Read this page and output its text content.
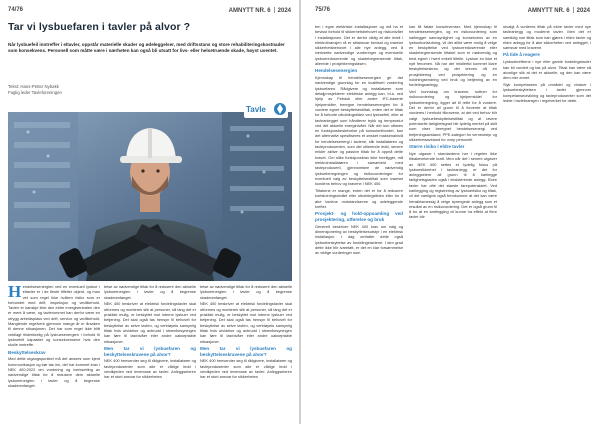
74/76	AMNYTT NR. 6 2024
Tar vi lysbuefaren i tavler på alvor ?

Når lysbuefeil inntreffer i eltavler, oppstår materielle skader og ødeleggelser, med driftsstans og store rehabiliteringskostnader som konsekvens. Personell som måtte være i nærheten kan også bli utsatt for livs- eller helsetruende skade, høyst uventet.

Tekst: Hans-Petter Nybakk
Faglig leder Tavleforeningen
Tavle

Hendelsesenergien ved en eventuell lysbue i eltavler er i de fleste tilfeller ukjent, og man vet som regel ikke hvilken risiko som er forbundet med drift, inspeksjon og vedlikehold. Tavlen er kanskje ikke den eldre energisentralen den er ment å være, og tavlerommet kan derfor være en utrygg arbeidsplass ved drift, service og vedlikehold. Manglende regelverk gjennom mange år er årsaken til denne situasjonen. Det har som regel ikke blitt vektlagt tilstrekkelig på lysbuesenergien i forhold til lysbuefeil kapasitet og konsekvensene hvis den skulle inntreffe.

Beskyttelseskrav

Med dette utgangspunktet må det ansees som kjent kommunikasjon og bør tas inn, det har kommet krav i NEK 400:2022 om vurdering og iverksetting av nødvendige tiltak for å redusere dem aktuelle lysbueenergien i tavler og å begrense skadeomfanget.

tetse av nødvendige tiltak for å redusere den aktuelle lysbueenergien i tavler og å begrense skadeomfanget.

NEK 400 beskriver at elektrisk fordelingstavler skal utformes og monteres slik at personer, så lang det er praktisk mulig, er beskyttet mot interne lysbuer ved betjening. Det skal også tas hensyn til behovet for beskyttelse av selve tavlen, og verktøyets sansynlig tiltak hvis utvidelse og avbrudd i strømforsyningen kan føre til lastnivåer eller andre uakseptable situasjoner.

Men tar vi lysbuefaren og beskyttelseskravene på alvor?

NEK 400 henvender seg til rådgivere, installatører og tavleprodusenter som alle er viktige ledd i verdikjeden ved leveranse av tavler. Anleggseieren har et stort ansvar for sikkerheten

tetse av nødvendige tiltak for å redusere den aktuelle lysbueenergien i tavler og å begrense skadeomfanget.

NEK 400 beskriver at elektrisk fordelingstavler skal utformes og monteres slik at personer, så lang det er praktisk mulig, er beskyttet mot interne lysbuer ved betjening. Det skal også tas hensyn til behovet for beskyttelse av selve tavlen, og verktøyets sansynlig tiltak hvis utvidelse og avbrudd i strømforsyningen kan føre til lastnivåer eller andre uakseptable situasjoner.

Men tar vi lysbuefaren og beskyttelseskravene på alvor?

NEK 400 henvender seg til rådgivere, installatører og tavleprodusenter som alle er viktige ledd i verdikjeden ved leveranse av tavler. Anleggseieren har et stort ansvar for sikkerheten

75/76	AMNYTT NR. 6 2024

ten i egne elektriske installasjoner og må ha et bevisst forhold til sikkerhetsbehovet og risikonivået i installasjonen. Det er derfor viktig at alle leddi i elektrobransjen rå er sittansvar bevisst og ivaretar sikkerhetsbehovet i alle nye anlegg, ved å iverksette nødvendige vurderinger og eventuelle lysbuereduserende og skadebegrensende tiltak, allerede i prosjekteringsfasen.

Hendelsesenergien

Kjennskap til hendelsesenergien gir det nødvendige grunnlag for en kvalifisert vurdering lysbuefaren. Rådgivere og installatører som detaljprosjekterer elektriske anlegg kan, bl.a. ved hjelp av Febdok eller andre IFC-baserte hjelpemidler, beregne hendelsesenergien for å vurdere egnet beskyttelsestiltak, enten det er tiltak for å forkorte utkoblingstiden ved lysbuefeil, eller at tavleanlegget som håndterer trykk og temperatur ved det aktuelle energinivået. Når det kun utføres en funksjonsbeskrivelse på konsulentbordet, kan det alternativt spesifiseres et ønsket maksimalnivå for hendelsesenergi i tavlene, slik installatøren og tavleprodusenten, som det utførende ledd, senere enkler aktive og passive tiltak for å oppnå dette kravet. Om slike funksjonskrav ikke foreligger, må elektroinstallatøren i samarbeid med tavleprodusent, gjennomføre de nødvendig lysbueberegningen og risikovurderinger for eventuelt valg av beskyttelsestiltak som ivaretar kundens behov og kravene i NEK 400.

Tiltakene er mange, enten det er for å redusere kortslutningsnivået eller utkoblingstiden eller for å øke tavlens motstandsevne og ødeleggende krefter.

Prosjekt- og hold-oppsamling ved prosjektering, utførelse og bruk

Generelt beskriver NEK 400 krav om valg og dimensjonering av beskyttelsesutstyr i en elektrisk installasjon. I dag omfatter dette også lysbuebeskyttelse av fordelingstavlene. I den grad dette ikke blir ivaretatt, er det en klar forsømmelse av viktige vurderinger som

kan få fatale konsekvenser. Med kjennskap til hendelsesenergien, og en risikovurdering som kartlegger sannsynlighet og konsekvens av en lysbuekortslutning, vil det alltid være mulig å velge en beskyttelse ved lysbuereduserende eller skadebegrensende tiltaket som er nødvendig og best egnet i hvert enkelt tilfelle. Lysbue en ikke et nytt fenomen. Nå har det imidlertid kommet klare beskyttelseskrav, og det kreves nå en prosjektering ved prosjektering og en holdningsendring ved bruk og betjening av en fordelingsanlegg.

Ved kunnskap om kravene, suttner for risikovurdering og hjelpemiddel for lysbueberegning, ligger alt til rette for å vurdere. Det er derfor all grunn til å forvente at tiltak vurderes i henhold tilkravene, at det ved behov blir valgt lysbuebeskyttelsestiltak og at lavere potensielle farlighetsgrad blir tydelig merket på skilt som viser beregnet hendelsesenergi ved betjeningsavstand, PPE-kategori for verneutstyr og sikkerhetsavstand for uvep personell.

Større risiko i eldre tavler

Nye utgaver i standardene har i regelen ikke tilbakevirkende kraft. Men når det i senere utgaver av NEK 400 settes et tydelig fokus på lysbuesikkerhet i tavleanlegg, er det for anleggseiere all grunn til å kartlegge farlighetsgraden også i eksisterende anlegg. Eldre tavler har ofte det største farepotensialet. Ved kartlegging og registrering av lysbuerisiko og tiltak, vil det vanligvis også fremkomme at det kan være hensiktsmessig å velge sprengede anlegg som et resultat av en risikovurdering. Det er også grunn til å tro at en kartlegging vil kunne ha effekt at flere tavler blir

utvalgt å vurderes tiltak på eldre tavler med nye tavleanlegg og moderne tavler. Men det er samtidig noe tiltak som kan gjøres i eldre tavler og eldre anlegg for å øke sikkerheten ved anlegget, i samsvar med kravene.

På tide å reagere

Lysbuekrefterne i nye eller gamle fordelingstavler kan bli vurdert og tas på alvor. Tiltak kan være så alvorlige slik at det er aktuelle, og den kan være dem mer annet.

Slyk kompetansen på området og vinduer i lysbuebeskyttelsen i tavler gjennom kompetanseutvikling og tavleprodusenter som det ledde i tavlebransjen i regelverket for dette.
